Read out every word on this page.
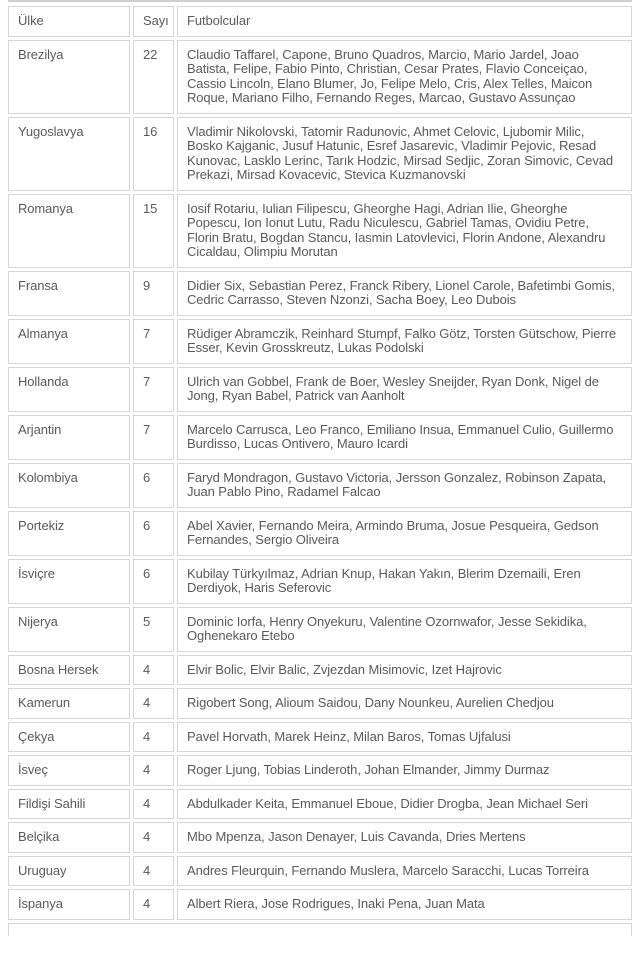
Ülke	Sayı	Futbolcular
Brezilya	22	Claudio Taffarel, Capone, Bruno Quadros, Marcio, Mario Jardel, Joao Batista, Felipe, Fabio Pinto, Christian, Cesar Prates, Flavio Conceiçao, Cassio Lincoln, Elano Blumer, Jo, Felipe Melo, Cris, Alex Telles, Maicon Roque, Mariano Filho, Fernando Reges, Marcao, Gustavo Assunçao
Yugoslavya	16	Vladimir Nikolovski, Tatomir Radunovic, Ahmet Celovic, Ljubomir Milic, Bosko Kajganic, Jusuf Hatunic, Esref Jasarevic, Vladimir Pejovic, Resad Kunovac, Lasklo Lerinc, Tarık Hodzic, Mirsad Sedjic, Zoran Simovic, Cevad Prekazi, Mirsad Kovacevic, Stevica Kuzmanovski
Romanya	15	Iosif Rotariu, Iulian Filipescu, Gheorghe Hagi, Adrian Ilie, Gheorghe Popescu, Ion Ionut Lutu, Radu Niculescu, Gabriel Tamas, Ovidiu Petre, Florin Bratu, Bogdan Stancu, Iasmin Latovlevici, Florin Andone, Alexandru Cicaldau, Olimpiu Morutan
Fransa	9	Didier Six, Sebastian Perez, Franck Ribery, Lionel Carole, Bafetimbi Gomis, Cedric Carrasso, Steven Nzonzi, Sacha Boey, Leo Dubois
Almanya	7	Rüdiger Abramczik, Reinhard Stumpf, Falko Götz, Torsten Gütschow, Pierre Esser, Kevin Grosskreutz, Lukas Podolski
Hollanda	7	Ulrich van Gobbel, Frank de Boer, Wesley Sneijder, Ryan Donk, Nigel de Jong, Ryan Babel, Patrick van Aanholt
Arjantin	7	Marcelo Carrusca, Leo Franco, Emiliano Insua, Emmanuel Culio, Guillermo Burdisso, Lucas Ontivero, Mauro Icardi
Kolombiya	6	Faryd Mondragon, Gustavo Victoria, Jersson Gonzalez, Robinson Zapata, Juan Pablo Pino, Radamel Falcao
Portekiz	6	Abel Xavier, Fernando Meira, Armindo Bruma, Josue Pesqueira, Gedson Fernandes, Sergio Oliveira
İsviçre	6	Kubilay Türkyılmaz, Adrian Knup, Hakan Yakın, Blerim Dzemaili, Eren Derdiyok, Haris Seferovic
Nijerya	5	Dominic Iorfa, Henry Onyekuru, Valentine Ozornwafor, Jesse Sekidika, Oghenekaro Etebo
Bosna Hersek	4	Elvir Bolic, Elvir Balic, Zvjezdan Misimovic, Izet Hajrovic
Kamerun	4	Rigobert Song, Alioum Saidou, Dany Nounkeu, Aurelien Chedjou
Çekya	4	Pavel Horvath, Marek Heinz, Milan Baros, Tomas Ujfalusi
İsveç	4	Roger Ljung, Tobias Linderoth, Johan Elmander, Jimmy Durmaz
Fildişi Sahili	4	Abdulkader Keita, Emmanuel Eboue, Didier Drogba, Jean Michael Seri
Belçika	4	Mbo Mpenza, Jason Denayer, Luis Cavanda, Dries Mertens
Uruguay	4	Andres Fleurquin, Fernando Muslera, Marcelo Saracchi, Lucas Torreira
İspanya	4	Albert Riera, Jose Rodrigues, Inaki Pena, Juan Mata
